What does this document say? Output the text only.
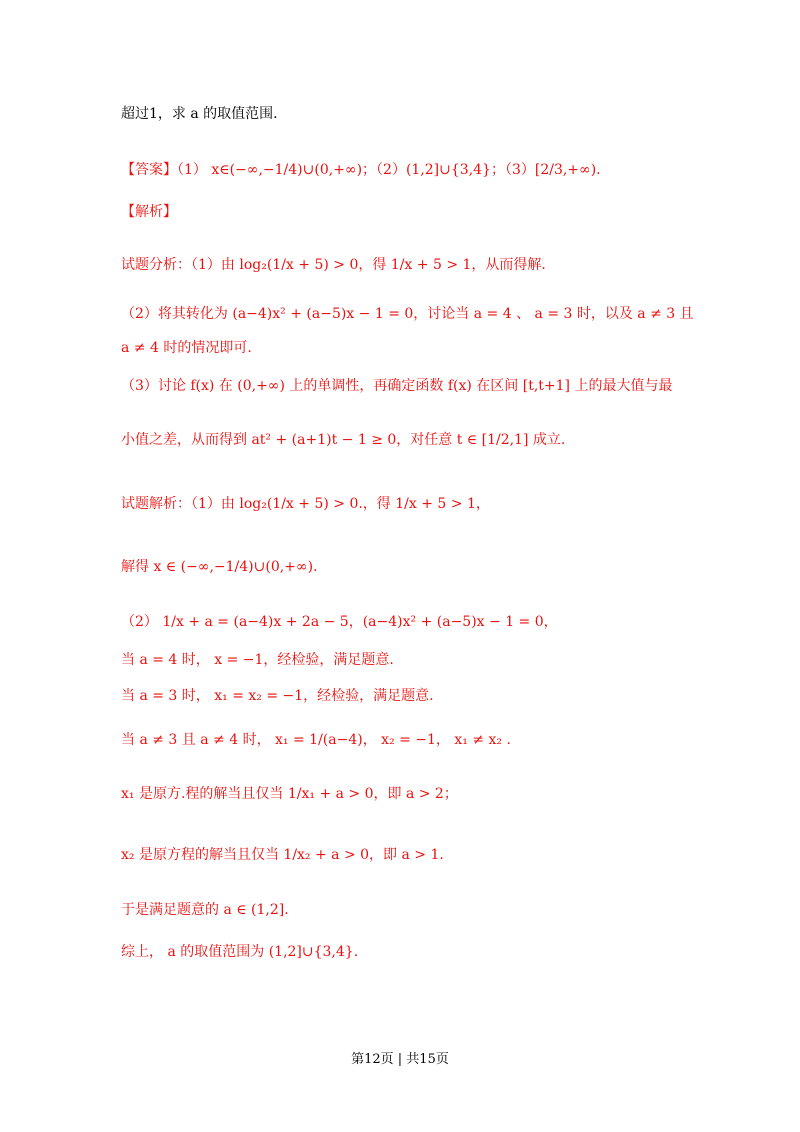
超过1，求 a 的取值范围.
【答案】（1） x∈(−∞,−1/4)∪(0,+∞)；（2）(1,2]∪{3,4}；（3）[2/3,+∞).
【解析】
试题分析：（1）由 log₂(1/x + 5) > 0，得 1/x + 5 > 1，从而得解.
（2）将其转化为 (a−4)x² + (a−5)x − 1 = 0，讨论当 a = 4 、 a = 3 时，以及 a ≠ 3 且
a ≠ 4 时的情况即可.
（3）讨论 f(x) 在 (0,+∞) 上的单调性，再确定函数 f(x) 在区间 [t,t+1] 上的最大值与最
小值之差，从而得到 at² + (a+1)t − 1 ≥ 0，对任意 t ∈ [1/2,1] 成立.
试题解析：（1）由 log₂(1/x + 5) > 0.，得 1/x + 5 > 1，
解得 x ∈ (−∞,−1/4)∪(0,+∞).
（2） 1/x + a = (a−4)x + 2a − 5，(a−4)x² + (a−5)x − 1 = 0，
当 a = 4 时， x = −1，经检验，满足题意.
当 a = 3 时， x₁ = x₂ = −1，经检验，满足题意.
当 a ≠ 3 且 a ≠ 4 时， x₁ = 1/(a−4)， x₂ = −1， x₁ ≠ x₂ .
x₁ 是原方.程的解当且仅当 1/x₁ + a > 0，即 a > 2；
x₂ 是原方程的解当且仅当 1/x₂ + a > 0，即 a > 1.
于是满足题意的 a ∈ (1,2].
综上， a 的取值范围为 (1,2]∪{3,4}.
第12页 | 共15页
